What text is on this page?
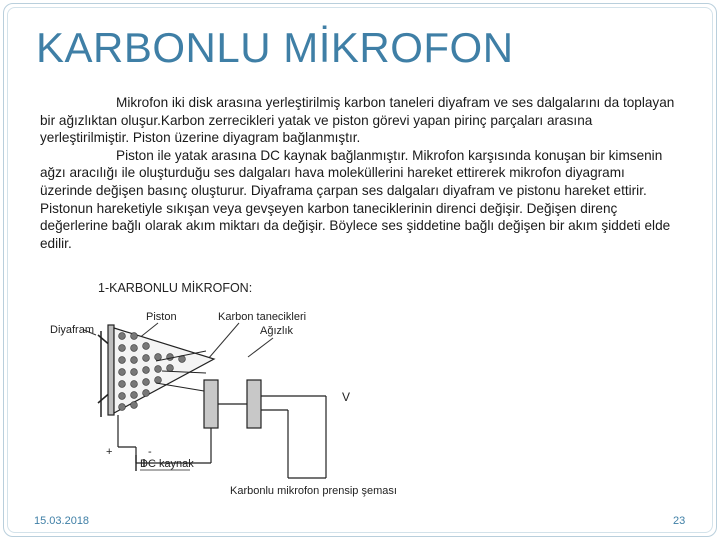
KARBONLU MİKROFON

Mikrofon iki disk arasına yerleştirilmiş karbon taneleri diyafram ve ses dalgalarını da toplayan bir ağızlıktan oluşur.Karbon zerrecikleri yatak ve piston görevi yapan pirinç parçaları arasına yerleştirilmiştir. Piston üzerine diyagram bağlanmıştır.

Piston ile yatak arasına DC kaynak bağlanmıştır. Mikrofon karşısında konuşan bir kimsenin ağzı aracılığı ile oluşturduğu ses dalgaları hava moleküllerini hareket ettirerek mikrofon diyagramı üzerinde değişen basınç oluşturur. Diyaframa çarpan ses dalgaları diyafram ve pistonu hareket ettirir. Pistonun hareketiyle sıkışan veya gevşeyen karbon taneciklerinin direnci değişir. Değişen direnç değerlerine bağlı olarak akım miktarı da değişir. Böylece ses şiddetine bağlı değişen bir akım şiddeti elde edilir.

1-KARBONLU MİKROFON:
Diyafram
Piston	Karbon tanecikleri
Ağızlık
V
+	-
DC kaynak
Karbonlu mikrofon prensip şeması
15.03.2018	23
